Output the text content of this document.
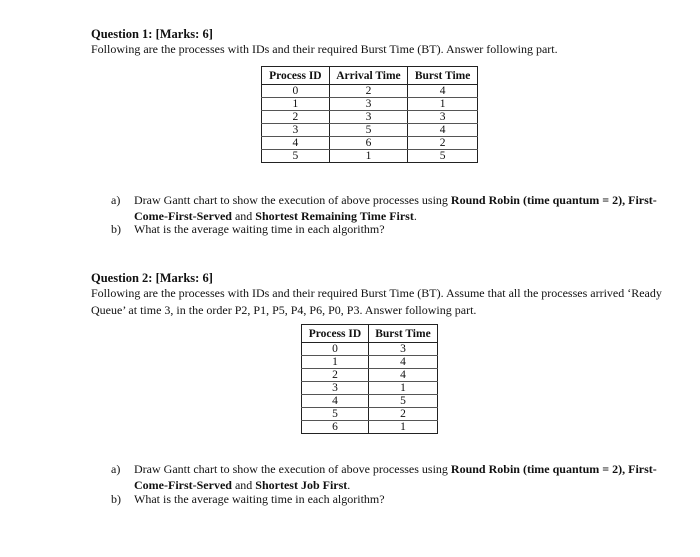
Question 1: [Marks: 6]
Following are the processes with IDs and their required Burst Time (BT). Answer following part.
Process ID	Arrival Time	Burst Time
0	2	4
1	3	1
2	3	3
3	5	4
4	6	2
5	1	5
a) Draw Gantt chart to show the execution of above processes using Round Robin (time quantum = 2), First-
Come-First-Served and Shortest Remaining Time First.
b) What is the average waiting time in each algorithm?
Question 2: [Marks: 6]
Following are the processes with IDs and their required Burst Time (BT). Assume that all the processes arrived ‘Ready
Queue’ at time 3, in the order P2, P1, P5, P4, P6, P0, P3. Answer following part.
Process ID	Burst Time
0	3
1	4
2	4
3	1
4	5
5	2
6	1
a) Draw Gantt chart to show the execution of above processes using Round Robin (time quantum = 2), First-
Come-First-Served and Shortest Job First.
b) What is the average waiting time in each algorithm?
